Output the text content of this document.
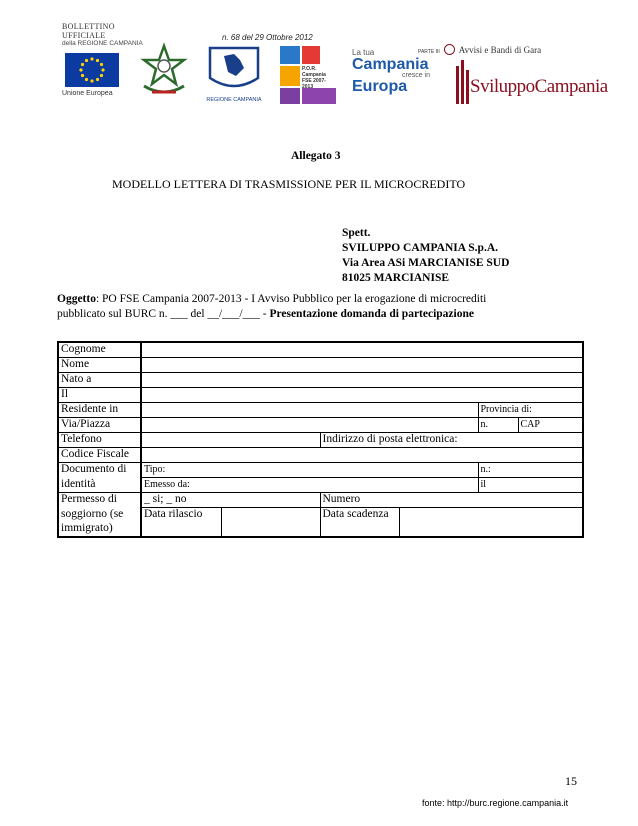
BOLLETTINO UFFICIALE
della REGIONE CAMPANIA
Unione Europea
n. 68 del 29 Ottobre 2012
REGIONE CAMPANIA
P.O.R. Campania FSE 2007-2013
La tua
Campania
cresce in
Europa
PARTE III Avvisi e Bandi di Gara
SviluppoCampania
Allegato 3
MODELLO LETTERA DI TRASMISSIONE PER IL MICROCREDITO
Spett.
SVILUPPO CAMPANIA S.p.A.
Via Area ASi MARCIANISE SUD
81025 MARCIANISE
Oggetto: PO FSE Campania 2007-2013 - I Avviso Pubblico per la erogazione di microcrediti
pubblicato sul BURC n. ___ del __/___/___ - Presentazione domanda di partecipazione
Cognome						
Nome						
Nato a						
Il						
Residente in					Provincia di:	
Via/Piazza					n.	CAP
Telefono			Indirizzo di posta elettronica:			
Codice Fiscale						
Documento di	Tipo:				n.:	
identità	Emesso da:				il	
Permesso di	_ si; _ no		Numero			
soggiorno (se	Data rilascio		Data scadenza			
immigrato)						
15
fonte: http://burc.regione.campania.it
